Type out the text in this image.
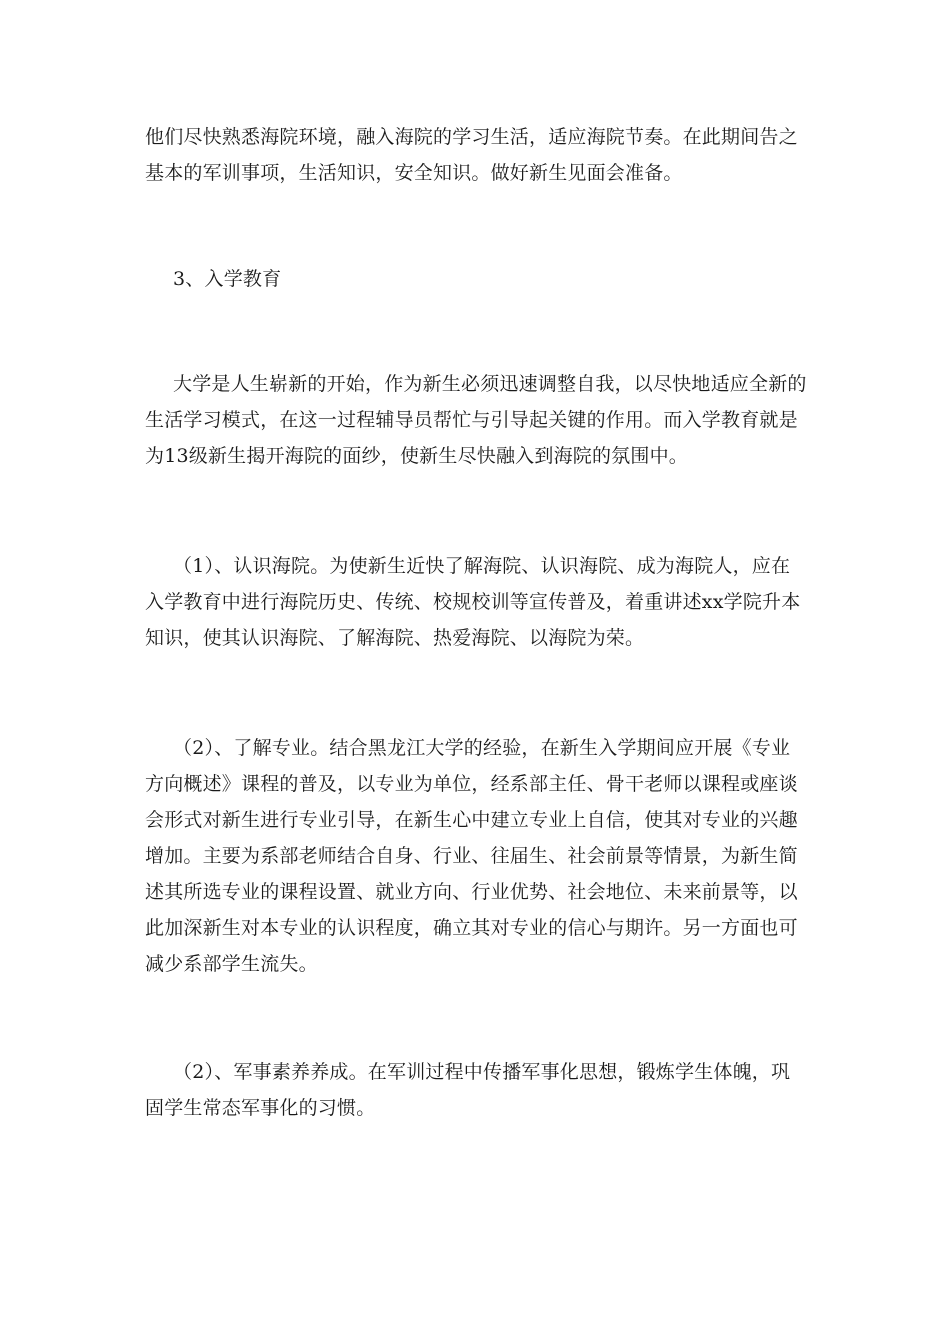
他们尽快熟悉海院环境，融入海院的学习生活，适应海院节奏。在此期间告之
基本的军训事项，生活知识，安全知识。做好新生见面会准备。
3、入学教育
大学是人生崭新的开始，作为新生必须迅速调整自我，以尽快地适应全新的
生活学习模式，在这一过程辅导员帮忙与引导起关键的作用。而入学教育就是
为13级新生揭开海院的面纱，使新生尽快融入到海院的氛围中。
（1）、认识海院。为使新生近快了解海院、认识海院、成为海院人，应在
入学教育中进行海院历史、传统、校规校训等宣传普及，着重讲述xx学院升本
知识，使其认识海院、了解海院、热爱海院、以海院为荣。
（2）、了解专业。结合黑龙江大学的经验，在新生入学期间应开展《专业
方向概述》课程的普及，以专业为单位，经系部主任、骨干老师以课程或座谈
会形式对新生进行专业引导，在新生心中建立专业上自信，使其对专业的兴趣
增加。主要为系部老师结合自身、行业、往届生、社会前景等情景，为新生简
述其所选专业的课程设置、就业方向、行业优势、社会地位、未来前景等，以
此加深新生对本专业的认识程度，确立其对专业的信心与期许。另一方面也可
减少系部学生流失。
（2）、军事素养养成。在军训过程中传播军事化思想，锻炼学生体魄，巩
固学生常态军事化的习惯。
